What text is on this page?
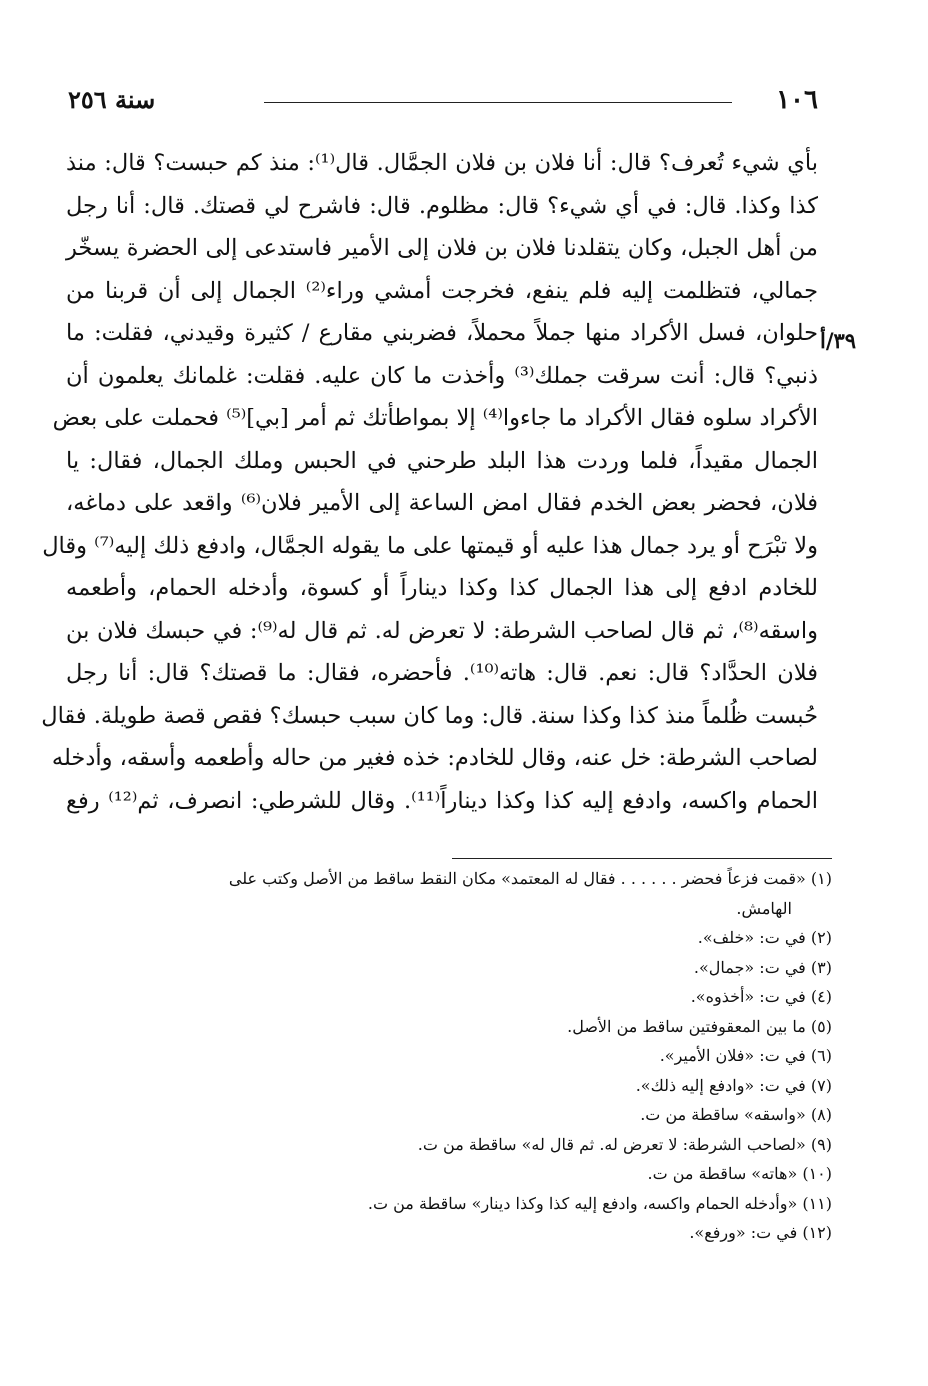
١٠٦
سنة ٢٥٦
٣٩/أ
بأي شيء تُعرف؟ قال: أنا فلان بن فلان الجمَّال. قال⁽¹⁾: منذ كم حبست؟ قال: منذ
كذا وكذا. قال: في أي شيء؟ قال: مظلوم. قال: فاشرح لي قصتك. قال: أنا رجل
من أهل الجبل، وكان يتقلدنا فلان بن فلان إلى الأمير فاستدعى إلى الحضرة يسخّر
جمالي، فتظلمت إليه فلم ينفع، فخرجت أمشي وراء⁽²⁾ الجمال إلى أن قربنا من
حلوان، فسل الأكراد منها جملاً محملاً، فضربني مقارع / كثيرة وقيدني، فقلت: ما
ذنبي؟ قال: أنت سرقت جملك⁽³⁾ وأخذت ما كان عليه. فقلت: غلمانك يعلمون أن
الأكراد سلوه فقال الأكراد ما جاءوا⁽⁴⁾ إلا بمواطأتك ثم أمر [بي]⁽⁵⁾ فحملت على بعض
الجمال مقيداً، فلما وردت هذا البلد طرحني في الحبس وملك الجمال، فقال: يا
فلان، فحضر بعض الخدم فقال امض الساعة إلى الأمير فلان⁽⁶⁾ واقعد على دماغه،
ولا تبْرَح أو يرد جمال هذا عليه أو قيمتها على ما يقوله الجمَّال، وادفع ذلك إليه⁽⁷⁾ وقال
للخادم ادفع إلى هذا الجمال كذا وكذا ديناراً أو كسوة، وأدخله الحمام، وأطعمه
واسقه⁽⁸⁾، ثم قال لصاحب الشرطة: لا تعرض له. ثم قال له⁽⁹⁾: في حبسك فلان بن
فلان الحدَّاد؟ قال: نعم. قال: هاته⁽¹⁰⁾. فأحضره، فقال: ما قصتك؟ قال: أنا رجل
حُبست ظُلماً منذ كذا وكذا سنة. قال: وما كان سبب حبسك؟ فقص قصة طويلة. فقال
لصاحب الشرطة: خل عنه، وقال للخادم: خذه فغير من حاله وأطعمه وأسقه، وأدخله
الحمام واكسه، وادفع إليه كذا وكذا ديناراً⁽¹¹⁾. وقال للشرطي: انصرف، ثم⁽¹²⁾ رفع
(١) «قمت فزعاً فحضر . . . . . . فقال له المعتمد» مكان النقط ساقط من الأصل وكتب على
الهامش.
(٢) في ت: «خلف».
(٣) في ت: «جمال».
(٤) في ت: «أخذوه».
(٥) ما بين المعقوفتين ساقط من الأصل.
(٦) في ت: «فلان الأمير».
(٧) في ت: «وادفع إليه ذلك».
(٨) «واسقه» ساقطة من ت.
(٩) «لصاحب الشرطة: لا تعرض له. ثم قال له» ساقطة من ت.
(١٠) «هاته» ساقطة من ت.
(١١) «وأدخله الحمام واكسه، وادفع إليه كذا وكذا دينار» ساقطة من ت.
(١٢) في ت: «ورفع».
